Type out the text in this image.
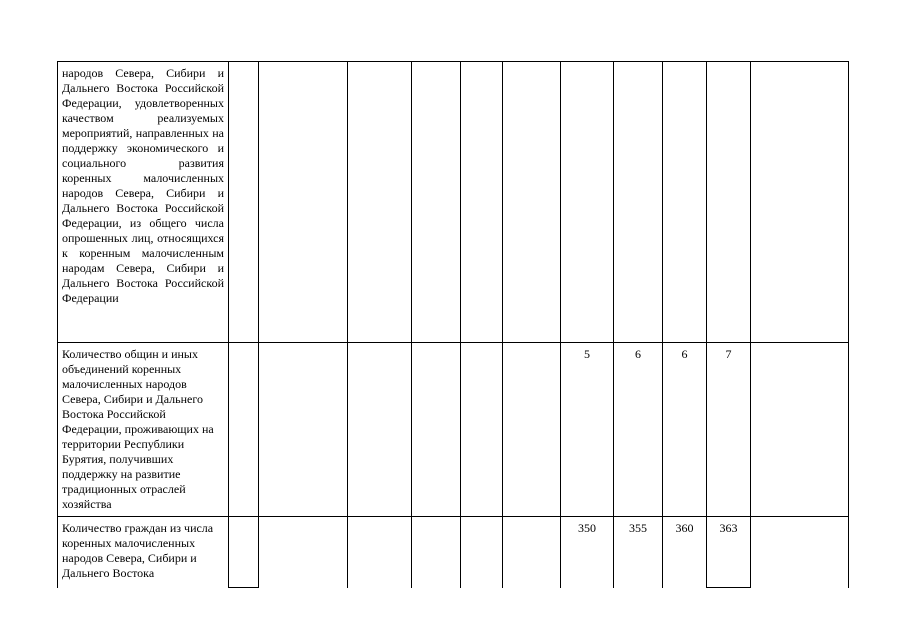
народов Севера, Сибири и Дальнего Востока Российской Федерации, удовлетворенных качеством реализуемых мероприятий, направленных на поддержку экономического и социального развития коренных малочисленных народов Севера, Сибири и Дальнего Востока Российской Федерации, из общего числа опрошенных лиц, относящихся к коренным малочисленным народам Севера, Сибири и Дальнего Востока Российской Федерации											

Количество общин и иных объединений коренных малочисленных народов Севера, Сибири и Дальнего Востока Российской Федерации, проживающих на территории Республики Бурятия, получивших поддержку на развитие традиционных отраслей хозяйства							5	6	6	7	

Количество граждан из числа коренных малочисленных народов Севера, Сибири и Дальнего Востока							350	355	360	363	
